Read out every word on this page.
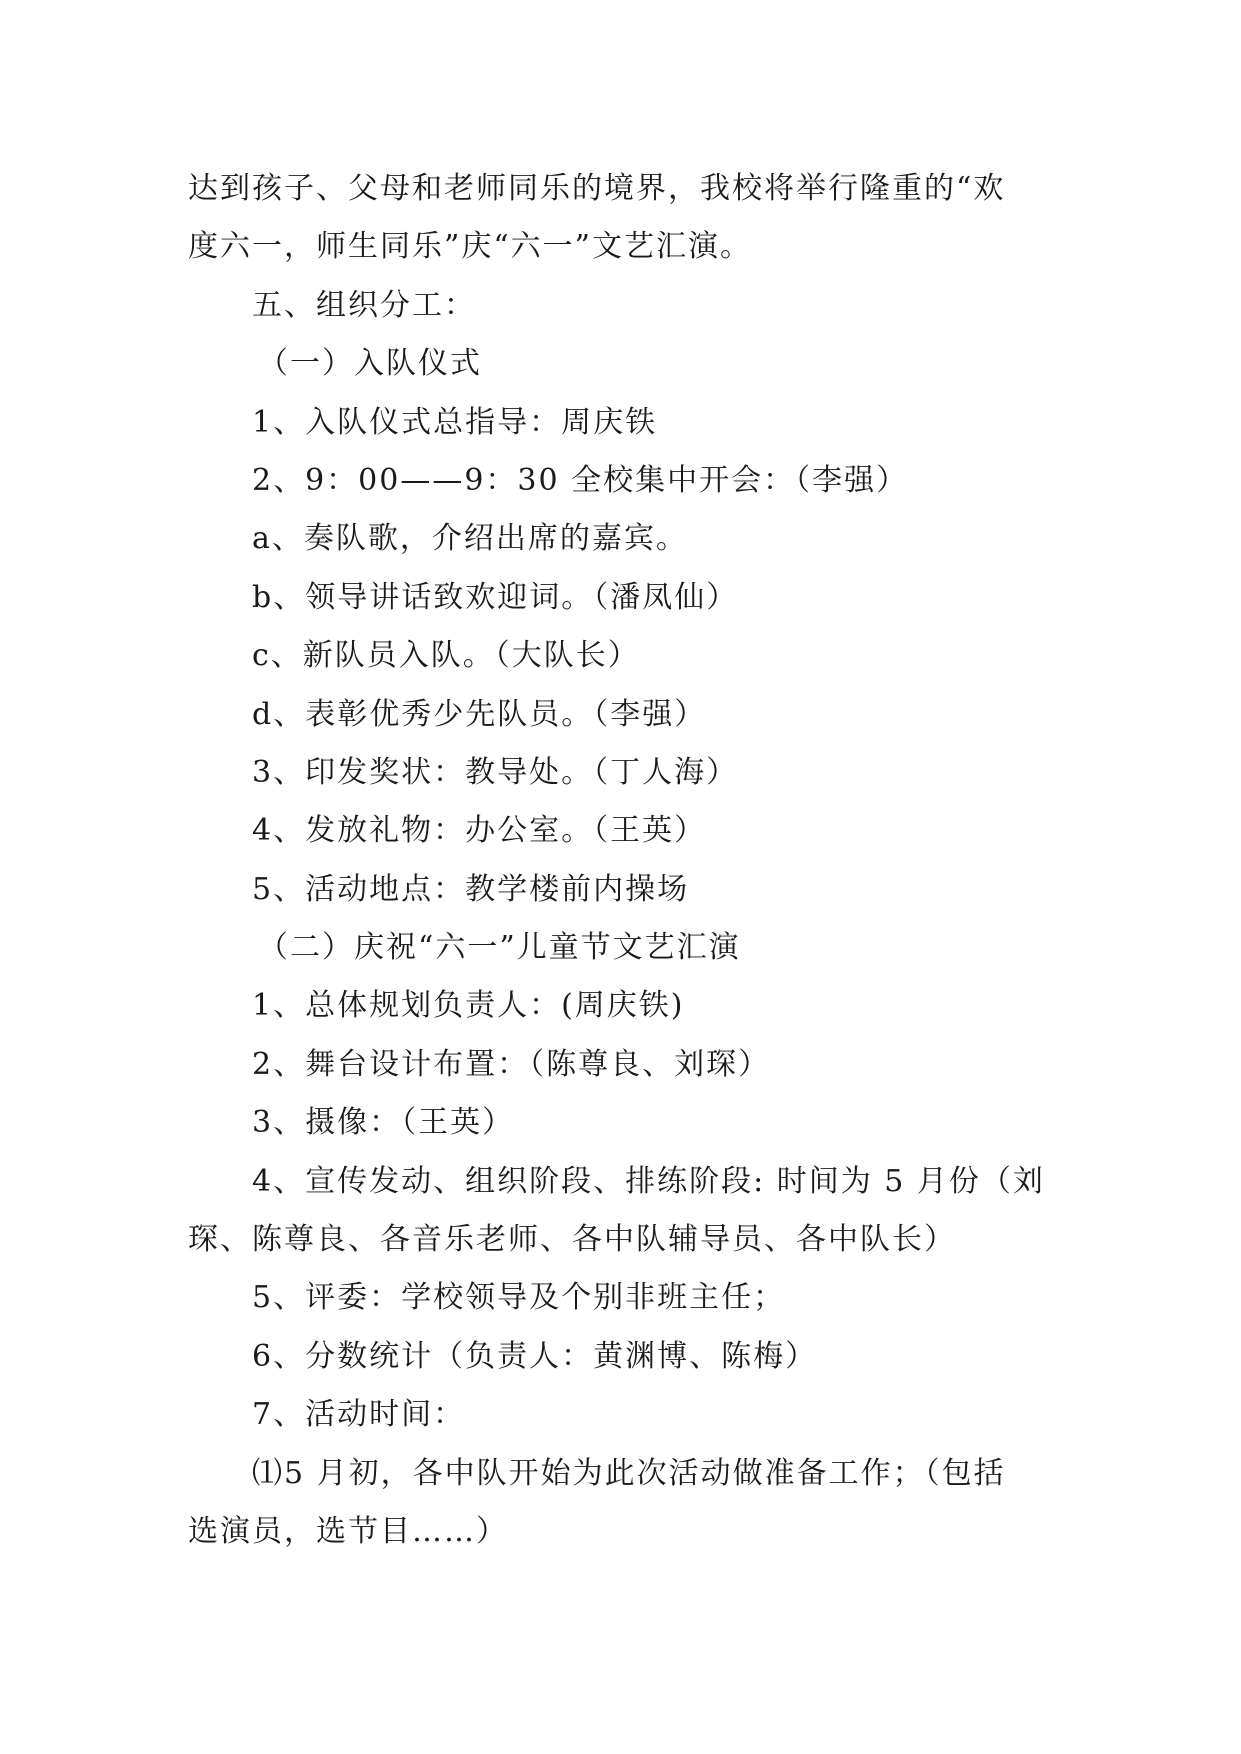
达到孩子、父母和老师同乐的境界，我校将举行隆重的“欢
度六一，师生同乐”庆“六一”文艺汇演。
五、组织分工：
（一）入队仪式
1、入队仪式总指导：周庆铁
2、9：00——9：30 全校集中开会：（李强）
a、奏队歌，介绍出席的嘉宾。
b、领导讲话致欢迎词。（潘凤仙）
c、新队员入队。（大队长）
d、表彰优秀少先队员。（李强）
3、印发奖状：教导处。（丁人海）
4、发放礼物：办公室。（王英）
5、活动地点：教学楼前内操场
（二）庆祝“六一”儿童节文艺汇演
1、总体规划负责人：(周庆铁)
2、舞台设计布置：（陈尊良、刘琛）
3、摄像：（王英）
4、宣传发动、组织阶段、排练阶段: 时间为 5 月份（刘
琛、陈尊良、各音乐老师、各中队辅导员、各中队长）
5、评委：学校领导及个别非班主任；
6、分数统计（负责人：黄渊博、陈梅）
7、活动时间：
⑴5 月初，各中队开始为此次活动做准备工作；（包括
选演员，选节目……）
